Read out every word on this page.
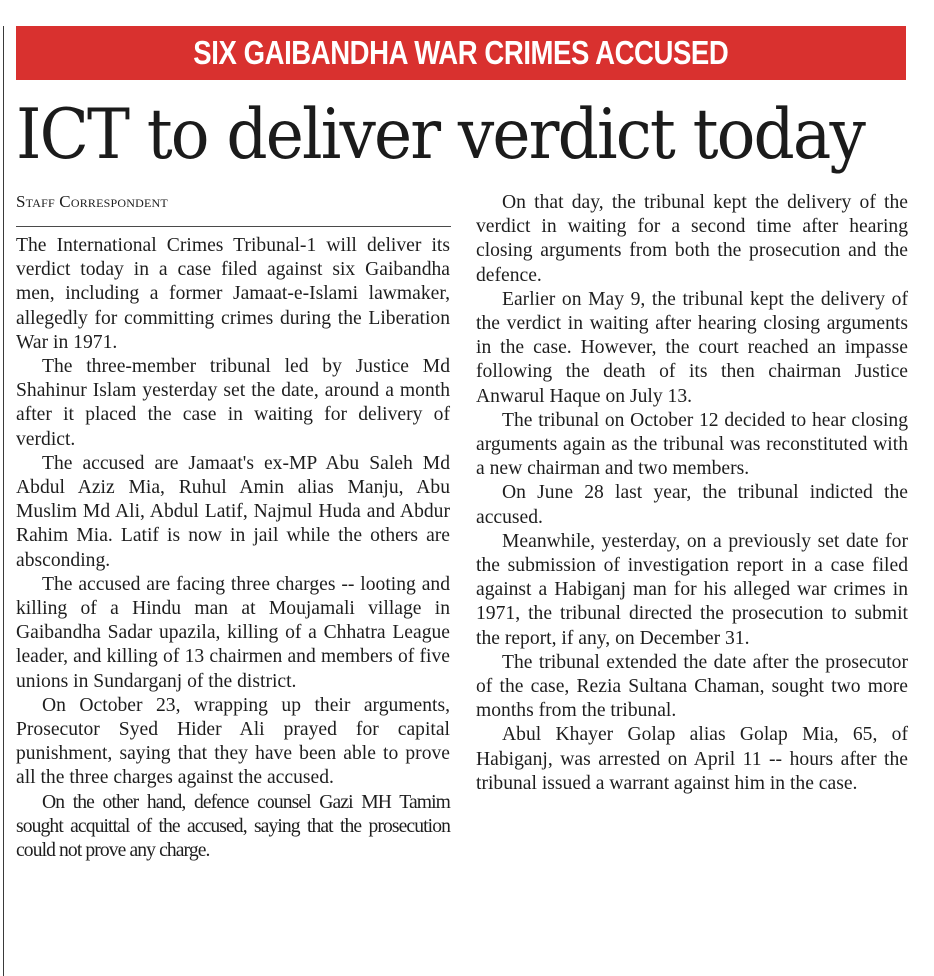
SIX GAIBANDHA WAR CRIMES ACCUSED
ICT to deliver verdict today
Staff Correspondent

The International Crimes Tribunal-1 will deliver its verdict today in a case filed against six Gaibandha men, including a former Jamaat-e-Islami lawmaker, allegedly for committing crimes during the Liberation War in 1971.

The three-member tribunal led by Justice Md Shahinur Islam yesterday set the date, around a month after it placed the case in waiting for delivery of verdict.

The accused are Jamaat's ex-MP Abu Saleh Md Abdul Aziz Mia, Ruhul Amin alias Manju, Abu Muslim Md Ali, Abdul Latif, Najmul Huda and Abdur Rahim Mia. Latif is now in jail while the others are absconding.

The accused are facing three charges -- looting and killing of a Hindu man at Moujamali village in Gaibandha Sadar upazila, killing of a Chhatra League leader, and killing of 13 chairmen and members of five unions in Sundarganj of the district.

On October 23, wrapping up their arguments, Prosecutor Syed Hider Ali prayed for capital punishment, saying that they have been able to prove all the three charges against the accused.

On the other hand, defence counsel Gazi MH Tamim sought acquittal of the accused, saying that the prosecution could not prove any charge.

On that day, the tribunal kept the delivery of the verdict in waiting for a second time after hearing closing arguments from both the prosecution and the defence.

Earlier on May 9, the tribunal kept the delivery of the verdict in waiting after hearing closing arguments in the case. However, the court reached an impasse following the death of its then chairman Justice Anwarul Haque on July 13.

The tribunal on October 12 decided to hear closing arguments again as the tribunal was reconstituted with a new chairman and two members.

On June 28 last year, the tribunal indicted the accused.

Meanwhile, yesterday, on a previously set date for the submission of investigation report in a case filed against a Habiganj man for his alleged war crimes in 1971, the tribunal directed the prosecution to submit the report, if any, on December 31.

The tribunal extended the date after the prosecutor of the case, Rezia Sultana Chaman, sought two more months from the tribunal.

Abul Khayer Golap alias Golap Mia, 65, of Habiganj, was arrested on April 11 -- hours after the tribunal issued a warrant against him in the case.
